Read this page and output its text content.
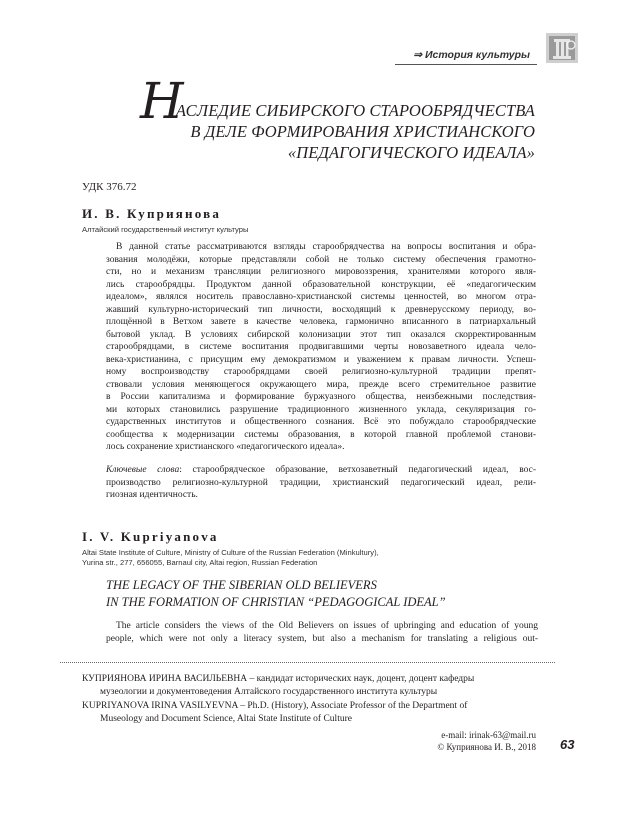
⇒ История культуры
Н
АСЛЕДИЕ СИБИРСКОГО СТАРООБРЯДЧЕСТВА
В ДЕЛЕ ФОРМИРОВАНИЯ ХРИСТИАНСКОГО
«ПЕДАГОГИЧЕСКОГО ИДЕАЛА»
УДК 376.72
И. В. Куприянова
Алтайский государственный институт культуры
В данной статье рассматриваются взгляды старообрядчества на вопросы воспитания и обра-
зования молодёжи, которые представляли собой не только систему обеспечения грамотно-
сти, но и механизм трансляции религиозного мировоззрения, хранителями которого явля-
лись старообрядцы. Продуктом данной образовательной конструкции, её «педагогическим
идеалом», являлся носитель православно-христианской системы ценностей, во многом отра-
жавший культурно-исторический тип личности, восходящий к древнерусскому периоду, во-
площённой в Ветхом завете в качестве человека, гармонично вписанного в патриархальный
бытовой уклад. В условиях сибирской колонизации этот тип оказался скорректированным
старообрядцами, в системе воспитания продвигавшими черты новозаветного идеала чело-
века-христианина, с присущим ему демократизмом и уважением к правам личности. Успеш-
ному воспроизводству старообрядцами своей религиозно-культурной традиции препят-
ствовали условия меняющегося окружающего мира, прежде всего стремительное развитие
в России капитализма и формирование буржуазного общества, неизбежными последствия-
ми которых становились разрушение традиционного жизненного уклада, секуляризация го-
сударственных институтов и общественного сознания. Всё это побуждало старообрядческие
сообщества к модернизации системы образования, в которой главной проблемой станови-
лось сохранение христианского «педагогического идеала».
Ключевые слова: старообрядческое образование, ветхозаветный педагогический идеал, вос-
производство религиозно-культурной традиции, христианский педагогический идеал, рели-
гиозная идентичность.
I. V. Kupriyanova
Altai State Institute of Culture, Ministry of Culture of the Russian Federation (Minkultury),
Yurina str., 277, 656055, Barnaul city, Altai region, Russian Federation
THE LEGACY OF THE SIBERIAN OLD BELIEVERS
IN THE FORMATION OF CHRISTIAN “PEDAGOGICAL IDEAL”
The article considers the views of the Old Believers on issues of upbringing and education of young
people, which were not only a literacy system, but also a mechanism for translating a religious out-
КУПРИЯНОВА ИРИНА ВАСИЛЬЕВНА – кандидат исторических наук, доцент, доцент кафедры
музеологии и документоведения Алтайского государственного института культуры
KUPRIYANOVA IRINA VASILYEVNA – Ph.D. (History), Associate Professor of the Department of
Museology and Document Science, Altai State Institute of Culture
e-mail: irinak-63@mail.ru
© Куприянова И. В., 2018 63
